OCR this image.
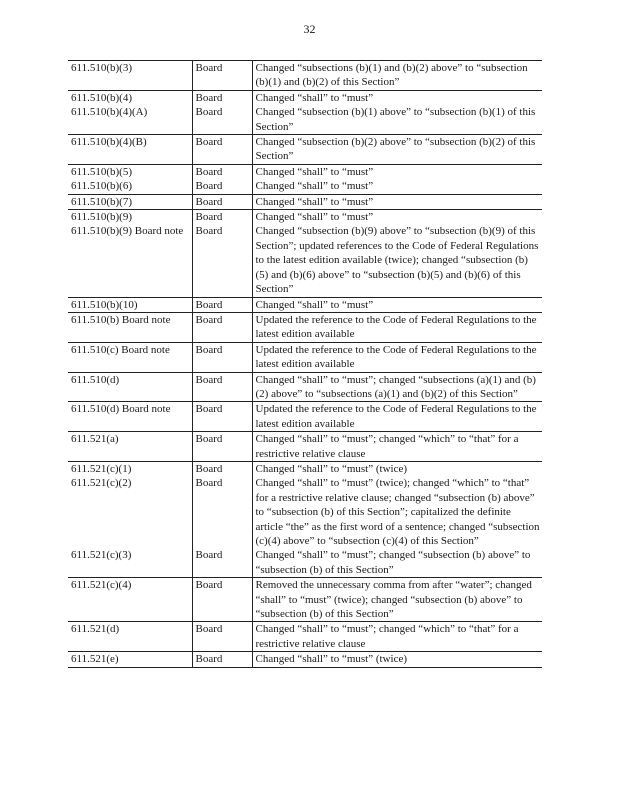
32
611.510(b)(3)	Board	Changed “subsections (b)(1) and (b)(2) above” to “subsection (b)(1) and (b)(2) of this Section”
611.510(b)(4)	Board	Changed “shall” to “must”
611.510(b)(4)(A)	Board	Changed “subsection (b)(1) above” to “subsection (b)(1) of this Section”
611.510(b)(4)(B)	Board	Changed “subsection (b)(2) above” to “subsection (b)(2) of this Section”
611.510(b)(5)	Board	Changed “shall” to “must”
611.510(b)(6)	Board	Changed “shall” to “must”
611.510(b)(7)	Board	Changed “shall” to “must”
611.510(b)(9)	Board	Changed “shall” to “must”
611.510(b)(9) Board note	Board	Changed “subsection (b)(9) above” to “subsection (b)(9) of this Section”; updated references to the Code of Federal Regulations to the latest edition available (twice); changed “subsection (b)(5) and (b)(6) above” to “subsection (b)(5) and (b)(6) of this Section”
611.510(b)(10)	Board	Changed “shall” to “must”
611.510(b) Board note	Board	Updated the reference to the Code of Federal Regulations to the latest edition available
611.510(c) Board note	Board	Updated the reference to the Code of Federal Regulations to the latest edition available
611.510(d)	Board	Changed “shall” to “must”; changed “subsections (a)(1) and (b)(2) above” to “subsections (a)(1) and (b)(2) of this Section”
611.510(d) Board note	Board	Updated the reference to the Code of Federal Regulations to the latest edition available
611.521(a)	Board	Changed “shall” to “must”; changed “which” to “that” for a restrictive relative clause
611.521(c)(1)	Board	Changed “shall” to “must” (twice)
611.521(c)(2)	Board	Changed “shall” to “must” (twice); changed “which” to “that” for a restrictive relative clause; changed “subsection (b) above” to “subsection (b) of this Section”; capitalized the definite article “the” as the first word of a sentence; changed “subsection (c)(4) above” to “subsection (c)(4) of this Section”
611.521(c)(3)	Board	Changed “shall” to “must”; changed “subsection (b) above” to “subsection (b) of this Section”
611.521(c)(4)	Board	Removed the unnecessary comma from after “water”; changed “shall” to “must” (twice); changed “subsection (b) above” to “subsection (b) of this Section”
611.521(d)	Board	Changed “shall” to “must”; changed “which” to “that” for a restrictive relative clause
611.521(e)	Board	Changed “shall” to “must” (twice)
